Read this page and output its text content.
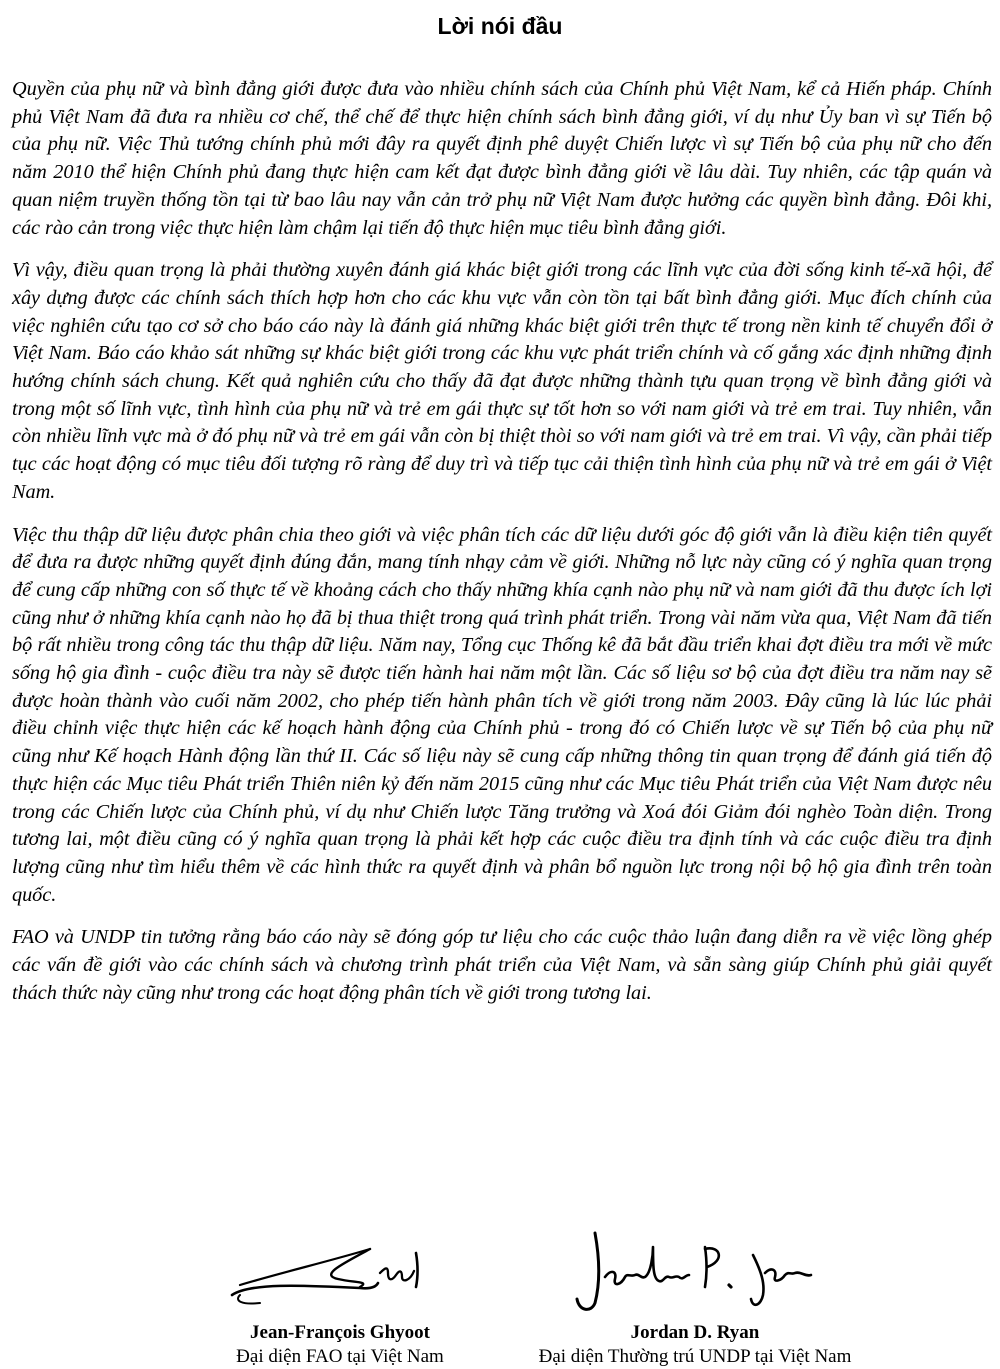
Lời nói đầu

Quyền của phụ nữ và bình đẳng giới được đưa vào nhiều chính sách của Chính phủ Việt Nam, kể cả Hiến pháp. Chính phủ Việt Nam đã đưa ra nhiều cơ chế, thể chế để thực hiện chính sách bình đẳng giới, ví dụ như Ủy ban vì sự Tiến bộ của phụ nữ. Việc Thủ tướng chính phủ mới đây ra quyết định phê duyệt Chiến lược vì sự Tiến bộ của phụ nữ cho đến năm 2010 thể hiện Chính phủ đang thực hiện cam kết đạt được bình đẳng giới về lâu dài. Tuy nhiên, các tập quán và quan niệm truyền thống tồn tại từ bao lâu nay vẫn cản trở phụ nữ Việt Nam được hưởng các quyền bình đẳng. Đôi khi, các rào cản trong việc thực hiện làm chậm lại tiến độ thực hiện mục tiêu bình đẳng giới.

Vì vậy, điều quan trọng là phải thường xuyên đánh giá khác biệt giới trong các lĩnh vực của đời sống kinh tế-xã hội, để xây dựng được các chính sách thích hợp hơn cho các khu vực vẫn còn tồn tại bất bình đẳng giới. Mục đích chính của việc nghiên cứu tạo cơ sở cho báo cáo này là đánh giá những khác biệt giới trên thực tế trong nền kinh tế chuyển đổi ở Việt Nam. Báo cáo khảo sát những sự khác biệt giới trong các khu vực phát triển chính và cố gắng xác định những định hướng chính sách chung. Kết quả nghiên cứu cho thấy đã đạt được những thành tựu quan trọng về bình đẳng giới và trong một số lĩnh vực, tình hình của phụ nữ và trẻ em gái thực sự tốt hơn so với nam giới và trẻ em trai. Tuy nhiên, vẫn còn nhiều lĩnh vực mà ở đó phụ nữ và trẻ em gái vẫn còn bị thiệt thòi so với nam giới và trẻ em trai. Vì vậy, cần phải tiếp tục các hoạt động có mục tiêu đối tượng rõ ràng để duy trì và tiếp tục cải thiện tình hình của phụ nữ và trẻ em gái ở Việt Nam.

Việc thu thập dữ liệu được phân chia theo giới và việc phân tích các dữ liệu dưới góc độ giới vẫn là điều kiện tiên quyết để đưa ra được những quyết định đúng đắn, mang tính nhạy cảm về giới. Những nỗ lực này cũng có ý nghĩa quan trọng để cung cấp những con số thực tế về khoảng cách cho thấy những khía cạnh nào phụ nữ và nam giới đã thu được ích lợi cũng như ở những khía cạnh nào họ đã bị thua thiệt trong quá trình phát triển. Trong vài năm vừa qua, Việt Nam đã tiến bộ rất nhiều trong công tác thu thập dữ liệu. Năm nay, Tổng cục Thống kê đã bắt đầu triển khai đợt điều tra mới về mức sống hộ gia đình - cuộc điều tra này sẽ được tiến hành hai năm một lần. Các số liệu sơ bộ của đợt điều tra năm nay sẽ được hoàn thành vào cuối năm 2002, cho phép tiến hành phân tích về giới trong năm 2003. Đây cũng là lúc lúc phải điều chỉnh việc thực hiện các kế hoạch hành động của Chính phủ - trong đó có Chiến lược về sự Tiến bộ của phụ nữ cũng như Kế hoạch Hành động lần thứ II. Các số liệu này sẽ cung cấp những thông tin quan trọng để đánh giá tiến độ thực hiện các Mục tiêu Phát triển Thiên niên kỷ đến năm 2015 cũng như các Mục tiêu Phát triển của Việt Nam được nêu trong các Chiến lược của Chính phủ, ví dụ như Chiến lược Tăng trưởng và Xoá đói Giảm đói nghèo Toàn diện. Trong tương lai, một điều cũng có ý nghĩa quan trọng là phải kết hợp các cuộc điều tra định tính và các cuộc điều tra định lượng cũng như tìm hiểu thêm về các hình thức ra quyết định và phân bổ nguồn lực trong nội bộ hộ gia đình trên toàn quốc.

FAO và UNDP tin tưởng rằng báo cáo này sẽ đóng góp tư liệu cho các cuộc thảo luận đang diễn ra về việc lồng ghép các vấn đề giới vào các chính sách và chương trình phát triển của Việt Nam, và sẵn sàng giúp Chính phủ giải quyết thách thức này cũng như trong các hoạt động phân tích về giới trong tương lai.

Jean-François Ghyoot

Đại diện FAO tại Việt Nam

Jordan D. Ryan

Đại diện Thường trú UNDP tại Việt Nam
